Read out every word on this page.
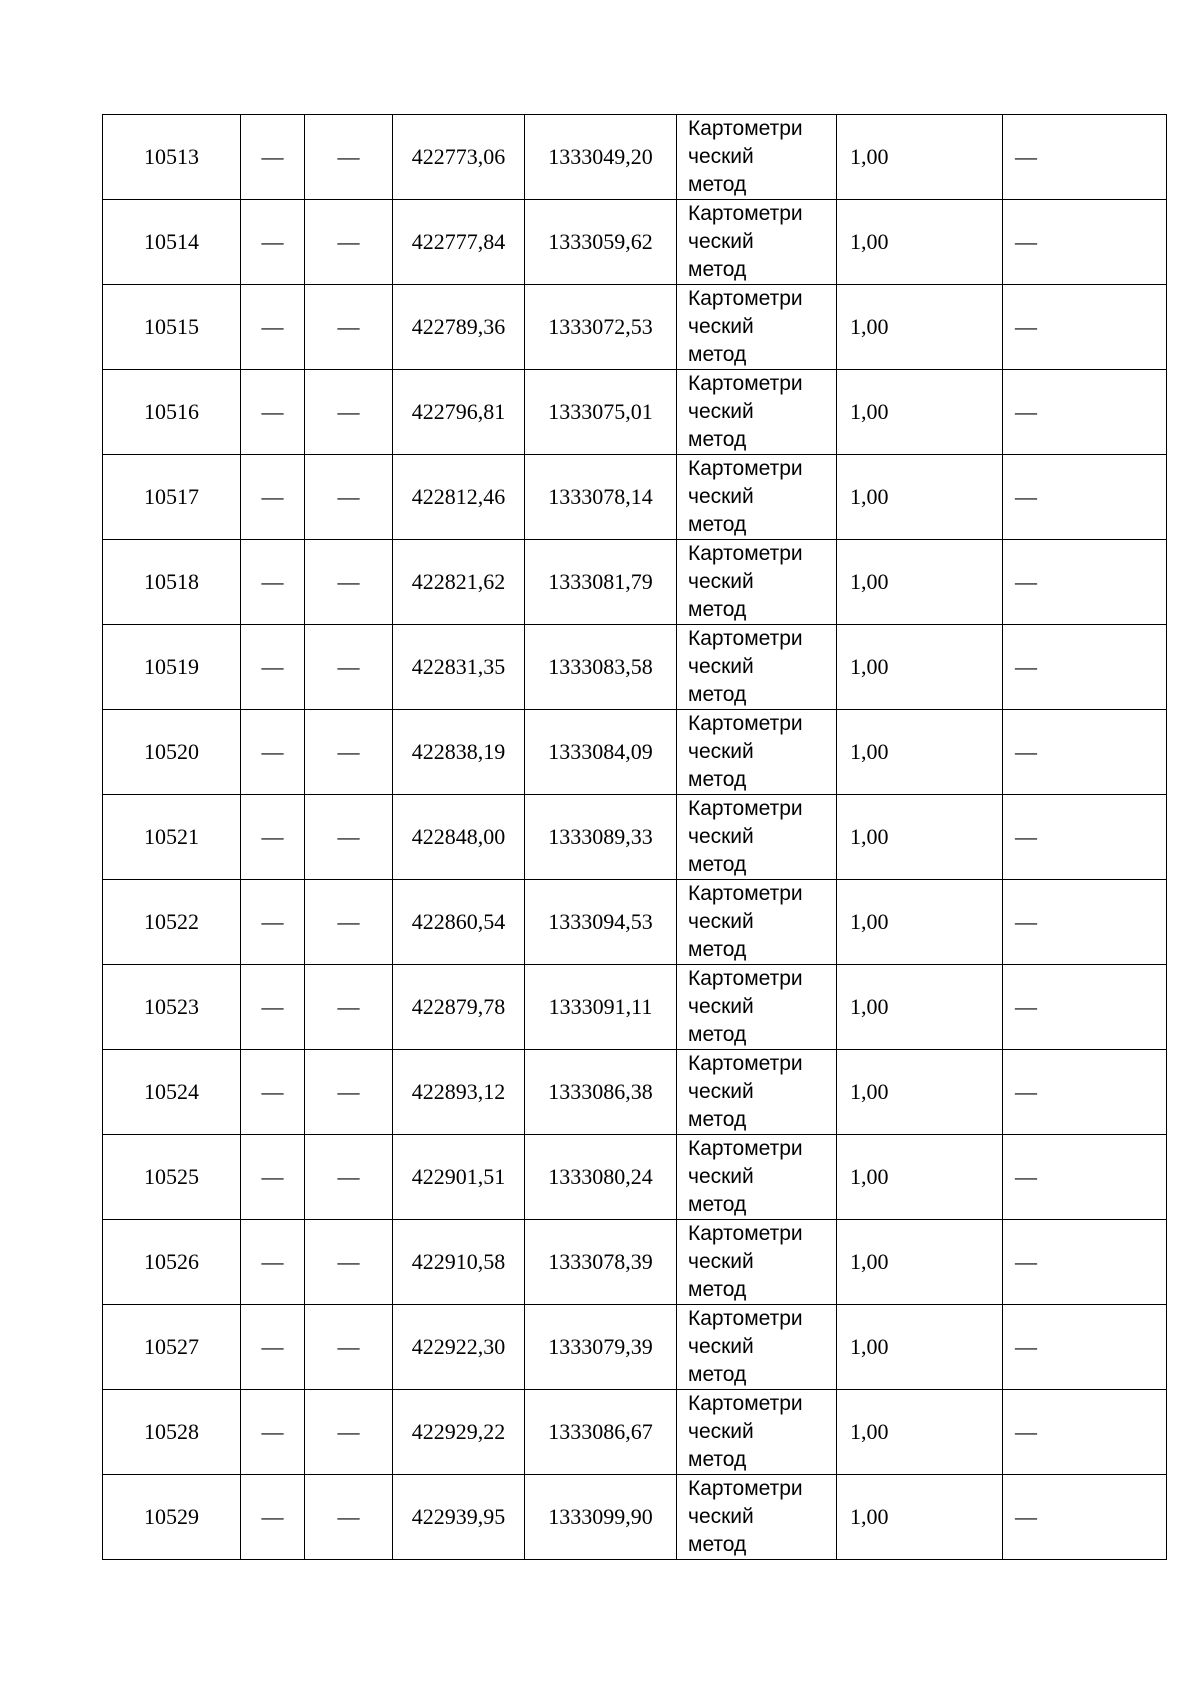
10513	—	—	422773,06	1333049,20	Картометри
ческий
метод	1,00	—
10514	—	—	422777,84	1333059,62	Картометри
ческий
метод	1,00	—
10515	—	—	422789,36	1333072,53	Картометри
ческий
метод	1,00	—
10516	—	—	422796,81	1333075,01	Картометри
ческий
метод	1,00	—
10517	—	—	422812,46	1333078,14	Картометри
ческий
метод	1,00	—
10518	—	—	422821,62	1333081,79	Картометри
ческий
метод	1,00	—
10519	—	—	422831,35	1333083,58	Картометри
ческий
метод	1,00	—
10520	—	—	422838,19	1333084,09	Картометри
ческий
метод	1,00	—
10521	—	—	422848,00	1333089,33	Картометри
ческий
метод	1,00	—
10522	—	—	422860,54	1333094,53	Картометри
ческий
метод	1,00	—
10523	—	—	422879,78	1333091,11	Картометри
ческий
метод	1,00	—
10524	—	—	422893,12	1333086,38	Картометри
ческий
метод	1,00	—
10525	—	—	422901,51	1333080,24	Картометри
ческий
метод	1,00	—
10526	—	—	422910,58	1333078,39	Картометри
ческий
метод	1,00	—
10527	—	—	422922,30	1333079,39	Картометри
ческий
метод	1,00	—
10528	—	—	422929,22	1333086,67	Картометри
ческий
метод	1,00	—
10529	—	—	422939,95	1333099,90	Картометри
ческий
метод	1,00	—
